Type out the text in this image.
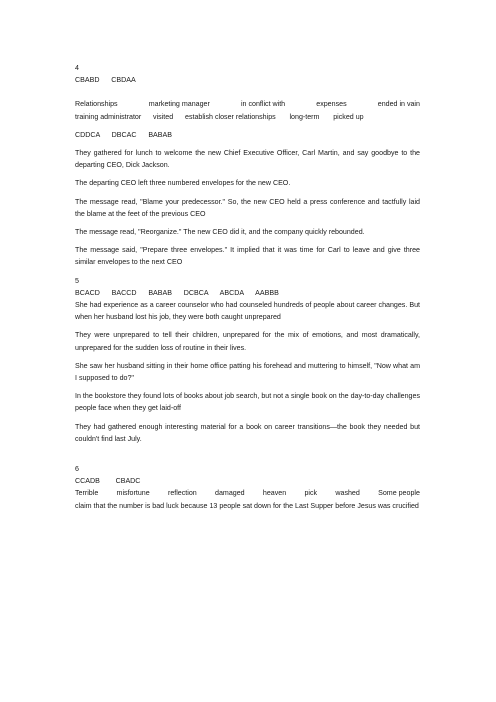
4
CBABD      CBDAA
Relationships	marketing manager	in conflict with	expenses	ended in vain
training administrator      visited      establish closer relationships       long-term       picked up
CDDCA      DBCAC      BABAB

They gathered for lunch to welcome the new Chief Executive Officer, Carl Martin, and say goodbye to the departing CEO, Dick Jackson.

The departing CEO left three numbered envelopes for the new CEO.

The message read, "Blame your predecessor." So, the new CEO held a press conference and tactfully laid the blame at the feet of the previous CEO

The message read, "Reorganize." The new CEO did it, and the company quickly rebounded.

The message said, "Prepare three envelopes." It implied that it was time for Carl to leave and give three similar envelopes to the next CEO

5
BCACD      BACCD      BABAB      DCBCA      ABCDA      AABBB

She had experience as a career counselor who had counseled hundreds of people about career changes. But when her husband lost his job, they were both caught unprepared

They were unprepared to tell their children, unprepared for the mix of emotions, and most dramatically, unprepared for the sudden loss of routine in their lives.

She saw her husband sitting in their home office patting his forehead and muttering to himself, "Now what am I supposed to do?"

In the bookstore they found lots of books about job search, but not a single book on the day-to-day challenges people face when they get laid-off

They had gathered enough interesting material for a book on career transitions—the book they needed but couldn't find last July.

6
CCADB        CBADC
Terrible	misfortune	reflection	damaged	heaven	pick	washed	Some people

claim that the number is bad luck because 13 people sat down for the Last Supper before Jesus was crucified
